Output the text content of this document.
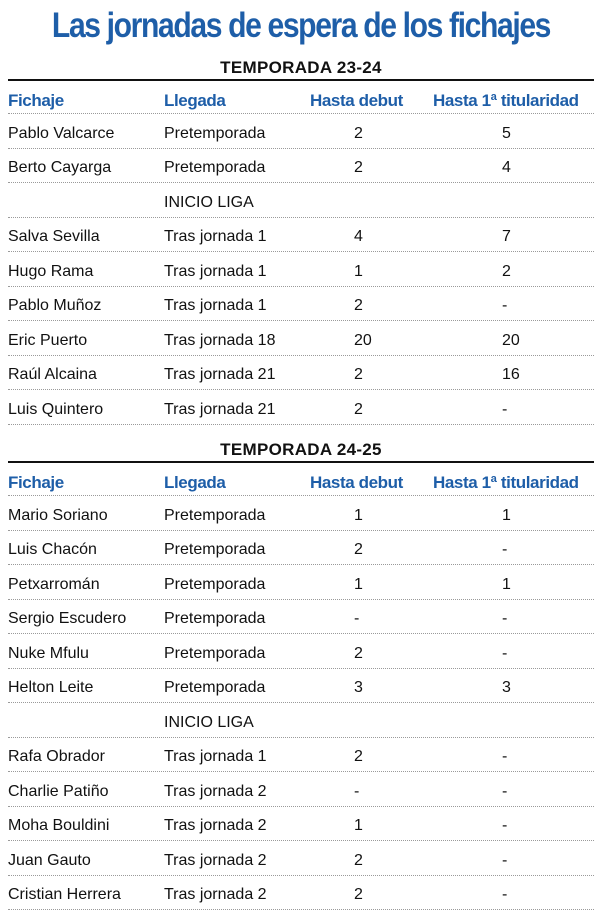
Las jornadas de espera de los fichajes
TEMPORADA 23-24
Fichaje	Llegada	Hasta debut Hasta 1ª titularidad
Pablo Valcarce	Pretemporada	2	5
Berto Cayarga	Pretemporada	2	4
INICIO LIGA
Salva Sevilla	Tras jornada 1	4	7
Hugo Rama	Tras jornada 1	1	2
Pablo Muñoz	Tras jornada 1	2	-
Eric Puerto	Tras jornada 18	20	20
Raúl Alcaina	Tras jornada 21	2	16
Luis Quintero	Tras jornada 21	2	-
TEMPORADA 24-25
Fichaje	Llegada	Hasta debut Hasta 1ª titularidad
Mario Soriano	Pretemporada	1	1
Luis Chacón	Pretemporada	2	-
Petxarromán	Pretemporada	1	1
Sergio Escudero Pretemporada	-	-
Nuke Mfulu	Pretemporada	2	-
Helton Leite	Pretemporada	3	3
INICIO LIGA
Rafa Obrador	Tras jornada 1	2	-
Charlie Patiño	Tras jornada 2	-	-
Moha Bouldini	Tras jornada 2	1	-
Juan Gauto	Tras jornada 2	2	-
Cristian Herrera	Tras jornada 2	2	-
